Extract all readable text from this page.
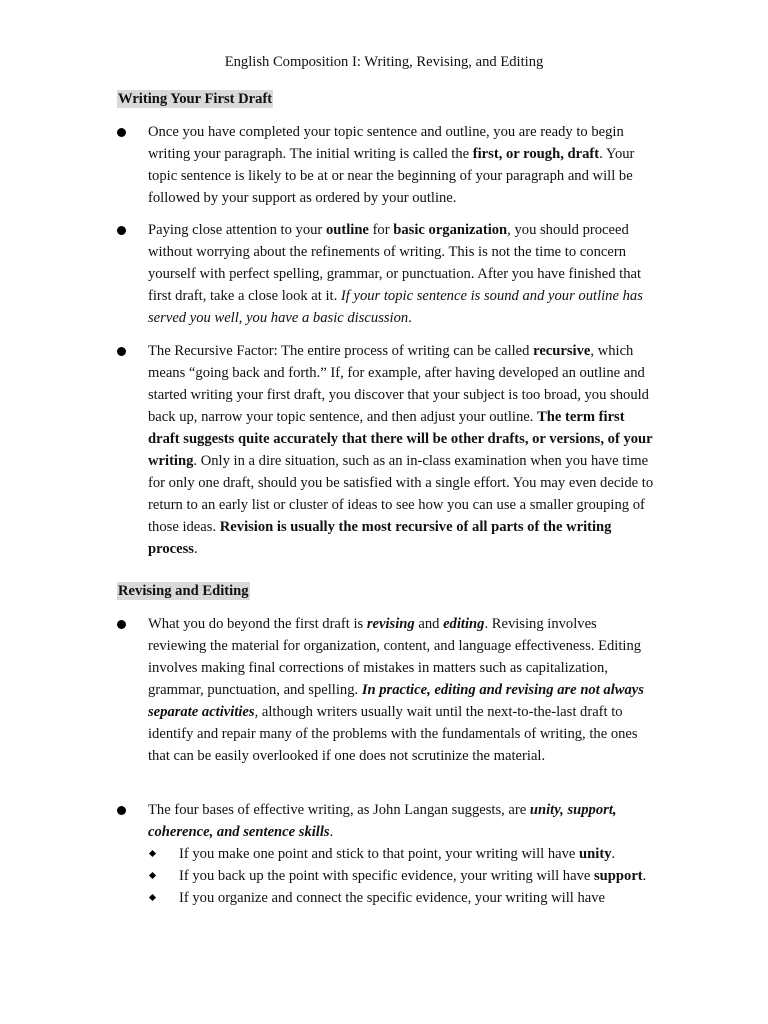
English Composition I: Writing, Revising, and Editing
Writing Your First Draft

Once you have completed your topic sentence and outline, you are ready to begin writing your paragraph. The initial writing is called the first, or rough, draft. Your topic sentence is likely to be at or near the beginning of your paragraph and will be followed by your support as ordered by your outline.

Paying close attention to your outline for basic organization, you should proceed without worrying about the refinements of writing. This is not the time to concern yourself with perfect spelling, grammar, or punctuation. After you have finished that first draft, take a close look at it. If your topic sentence is sound and your outline has served you well, you have a basic discussion.

The Recursive Factor: The entire process of writing can be called recursive, which means “going back and forth.” If, for example, after having developed an outline and started writing your first draft, you discover that your subject is too broad, you should back up, narrow your topic sentence, and then adjust your outline. The term first draft suggests quite accurately that there will be other drafts, or versions, of your writing. Only in a dire situation, such as an in-class examination when you have time for only one draft, should you be satisfied with a single effort. You may even decide to return to an early list or cluster of ideas to see how you can use a smaller grouping of those ideas. Revision is usually the most recursive of all parts of the writing process.

Revising and Editing

What you do beyond the first draft is revising and editing. Revising involves reviewing the material for organization, content, and language effectiveness. Editing involves making final corrections of mistakes in matters such as capitalization, grammar, punctuation, and spelling. In practice, editing and revising are not always separate activities, although writers usually wait until the next-to-the-last draft to identify and repair many of the problems with the fundamentals of writing, the ones that can be easily overlooked if one does not scrutinize the material.

The four bases of effective writing, as John Langan suggests, are unity, support, coherence, and sentence skills.

If you make one point and stick to that point, your writing will have unity.
If you back up the point with specific evidence, your writing will have support.
If you organize and connect the specific evidence, your writing will have
